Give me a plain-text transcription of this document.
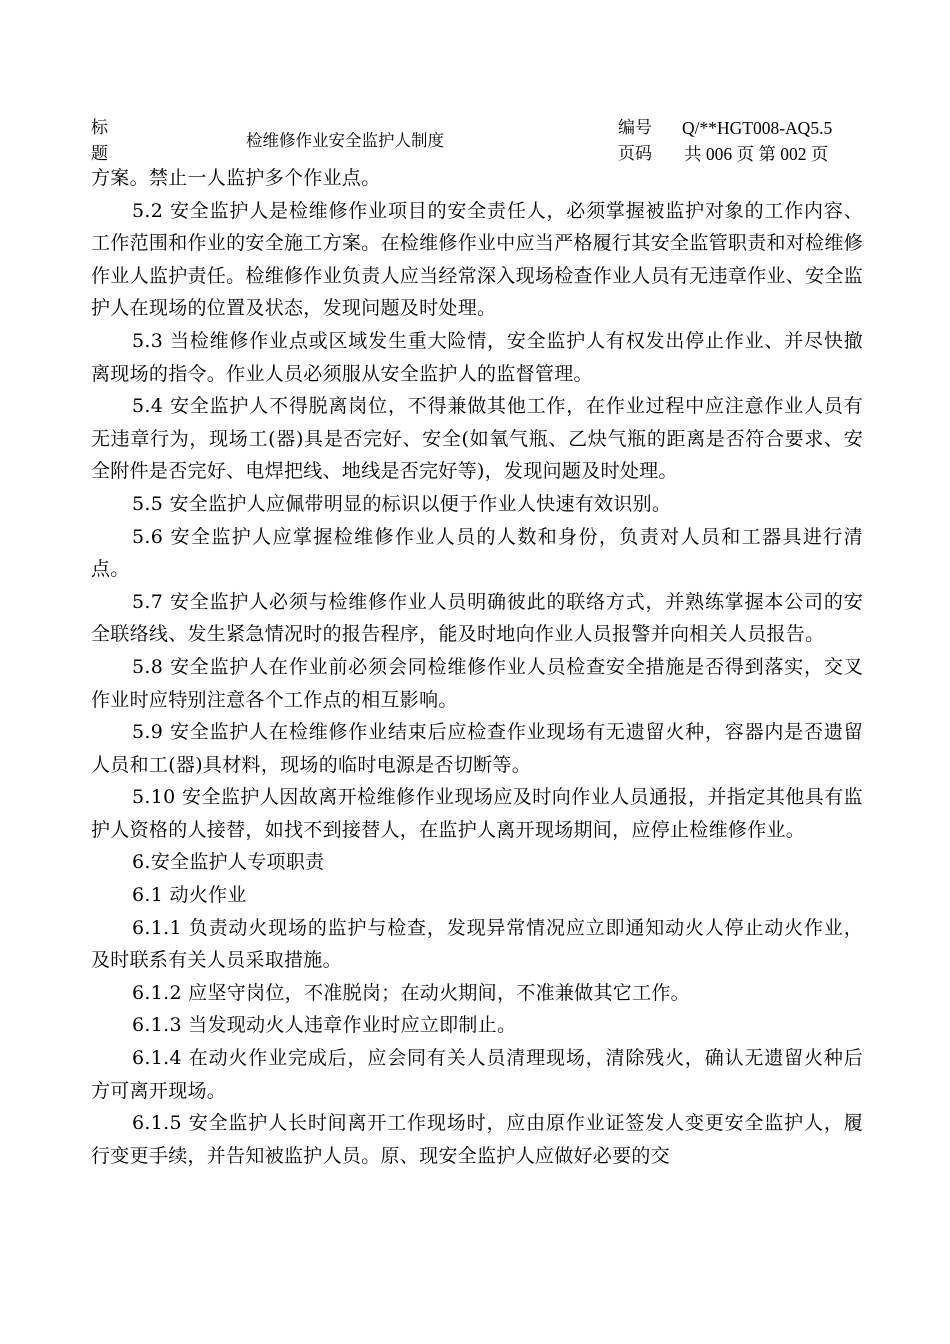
标
题
检维修作业安全监护人制度
编号	Q/**HGT008-AQ5.5
页码	共 006 页 第 002 页

方案。禁止一人监护多个作业点。

5.2 安全监护人是检维修作业项目的安全责任人，必须掌握被监护对象的工作内容、工作范围和作业的安全施工方案。在检维修作业中应当严格履行其安全监管职责和对检维修作业人监护责任。检维修作业负责人应当经常深入现场检查作业人员有无违章作业、安全监护人在现场的位置及状态，发现问题及时处理。

5.3 当检维修作业点或区域发生重大险情，安全监护人有权发出停止作业、并尽快撤离现场的指令。作业人员必须服从安全监护人的监督管理。

5.4 安全监护人不得脱离岗位，不得兼做其他工作，在作业过程中应注意作业人员有无违章行为，现场工(器)具是否完好、安全(如氧气瓶、乙炔气瓶的距离是否符合要求、安全附件是否完好、电焊把线、地线是否完好等)，发现问题及时处理。

5.5 安全监护人应佩带明显的标识以便于作业人快速有效识别。

5.6 安全监护人应掌握检维修作业人员的人数和身份，负责对人员和工器具进行清点。

5.7 安全监护人必须与检维修作业人员明确彼此的联络方式，并熟练掌握本公司的安全联络线、发生紧急情况时的报告程序，能及时地向作业人员报警并向相关人员报告。

5.8 安全监护人在作业前必须会同检维修作业人员检查安全措施是否得到落实，交叉作业时应特别注意各个工作点的相互影响。

5.9 安全监护人在检维修作业结束后应检查作业现场有无遗留火种，容器内是否遗留人员和工(器)具材料，现场的临时电源是否切断等。

5.10 安全监护人因故离开检维修作业现场应及时向作业人员通报，并指定其他具有监护人资格的人接替，如找不到接替人，在监护人离开现场期间，应停止检维修作业。

6.安全监护人专项职责

6.1 动火作业

6.1.1 负责动火现场的监护与检查，发现异常情况应立即通知动火人停止动火作业，及时联系有关人员采取措施。

6.1.2 应坚守岗位，不准脱岗；在动火期间，不准兼做其它工作。

6.1.3 当发现动火人违章作业时应立即制止。

6.1.4 在动火作业完成后，应会同有关人员清理现场，清除残火，确认无遗留火种后方可离开现场。

6.1.5 安全监护人长时间离开工作现场时，应由原作业证签发人变更安全监护人，履行变更手续，并告知被监护人员。原、现安全监护人应做好必要的交
